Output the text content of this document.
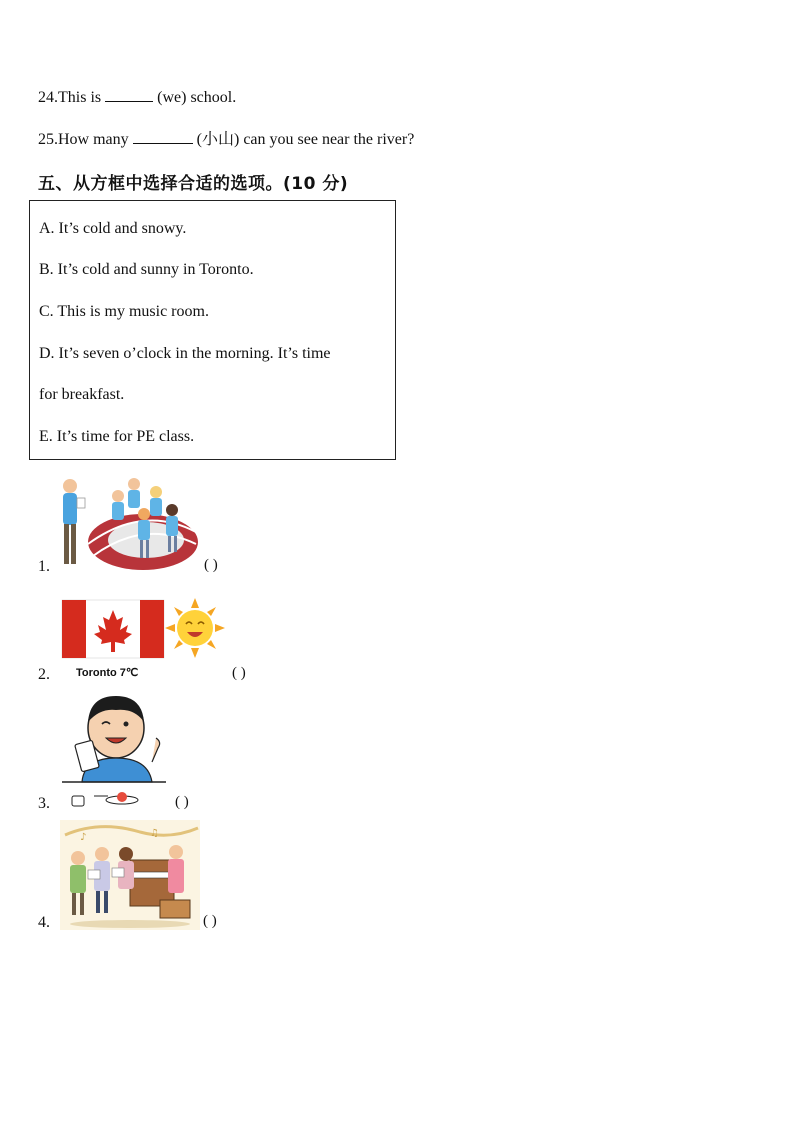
24.This is	(we) school.
25.How many	(小山) can you see near the river?
五、从方框中选择合适的选项。(10 分)
A. It’s cold and snowy.
B. It’s cold and sunny in Toronto.
C. This is my music room.
D. It’s seven o’clock in the morning. It’s time
for breakfast.
E. It’s time for PE class.
1.	( )
Toronto 7℃
2.	( )
3.	( )
♪	♫
4.	( )
